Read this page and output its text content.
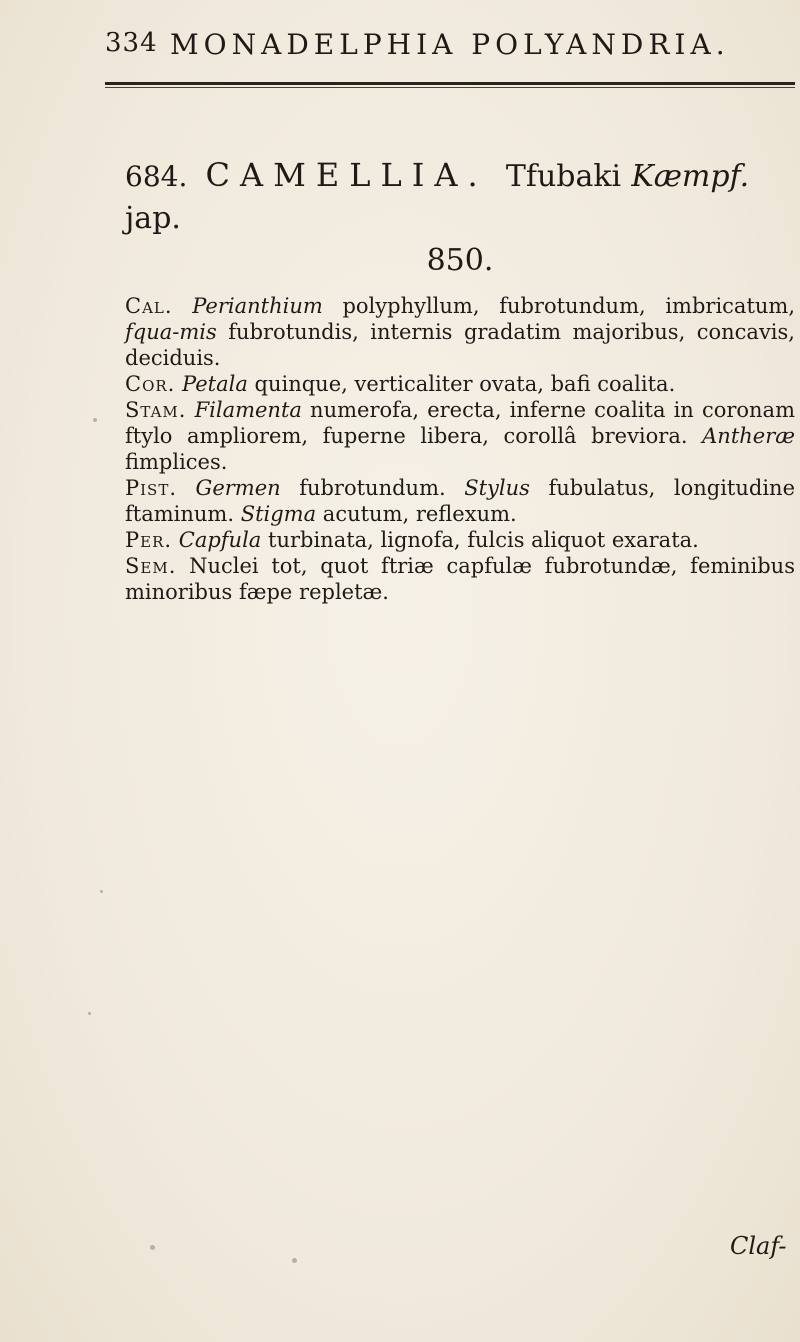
334 MONADELPHIA POLYANDRIA.
684. CAMELLIA. Tfubaki Kæmpf. jap.
850.

Cal. Perianthium polyphyllum, fubrotundum, imbricatum, fqua-mis fubrotundis, internis gradatim majoribus, concavis, deciduis.

Cor. Petala quinque, verticaliter ovata, bafi coalita.

Stam. Filamenta numerofa, erecta, inferne coalita in coronam ftylo ampliorem, fuperne libera, corollâ breviora. Antheræ fimplices.

Pist. Germen fubrotundum. Stylus fubulatus, longitudine ftaminum. Stigma acutum, reflexum.

Per. Capfula turbinata, lignofa, fulcis aliquot exarata.

Sem. Nuclei tot, quot ftriæ capfulæ fubrotundæ, feminibus minoribus fæpe repletæ.

Claf-
